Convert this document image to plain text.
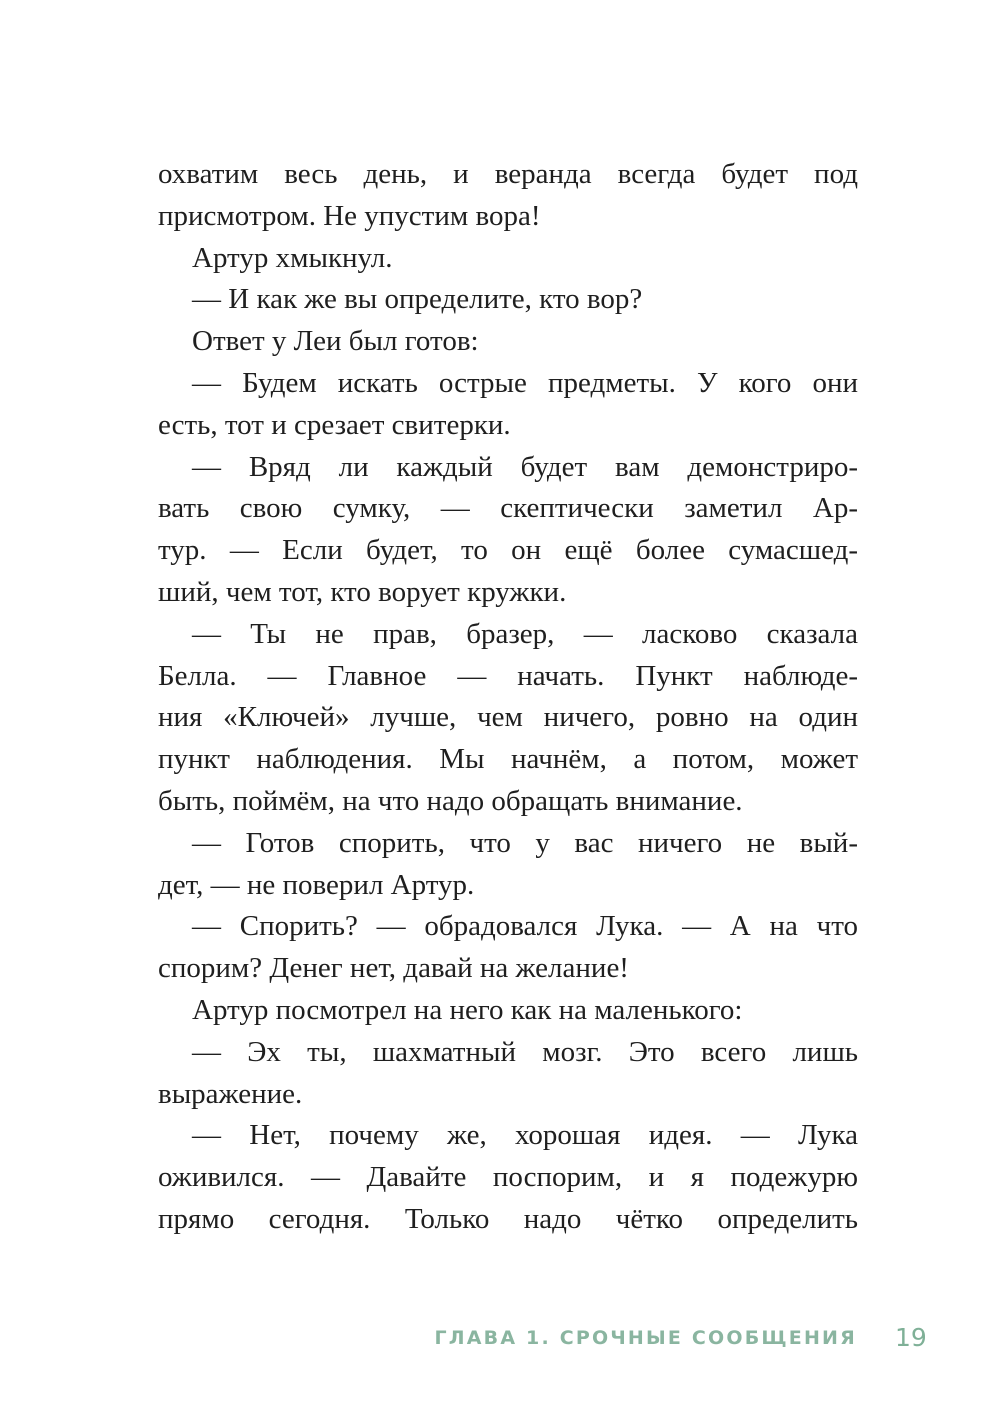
охватим весь день, и веранда всегда будет под
присмотром. Не упустим вора!
Артур хмыкнул.
— И как же вы определите, кто вор?
Ответ у Леи был готов:
— Будем искать острые предметы. У кого они
есть, тот и срезает свитерки.
— Вряд ли каждый будет вам демонстриро-
вать свою сумку, — скептически заметил Ар-
тур. — Если будет, то он ещё более сумасшед-
ший, чем тот, кто ворует кружки.
— Ты не прав, бразер, — ласково сказала
Белла. — Главное — начать. Пункт наблюде-
ния «Ключей» лучше, чем ничего, ровно на один
пункт наблюдения. Мы начнём, а потом, может
быть, поймём, на что надо обращать внимание.
— Готов спорить, что у вас ничего не вый-
дет, — не поверил Артур.
— Спорить? — обрадовался Лука. — А на что
спорим? Денег нет, давай на желание!
Артур посмотрел на него как на маленького:
— Эх ты, шахматный мозг. Это всего лишь
выражение.
— Нет, почему же, хорошая идея. — Лука
оживился. — Давайте поспорим, и я подежурю
прямо сегодня. Только надо чётко определить
ГЛАВА 1. СРОЧНЫЕ СООБЩЕНИЯ 19
